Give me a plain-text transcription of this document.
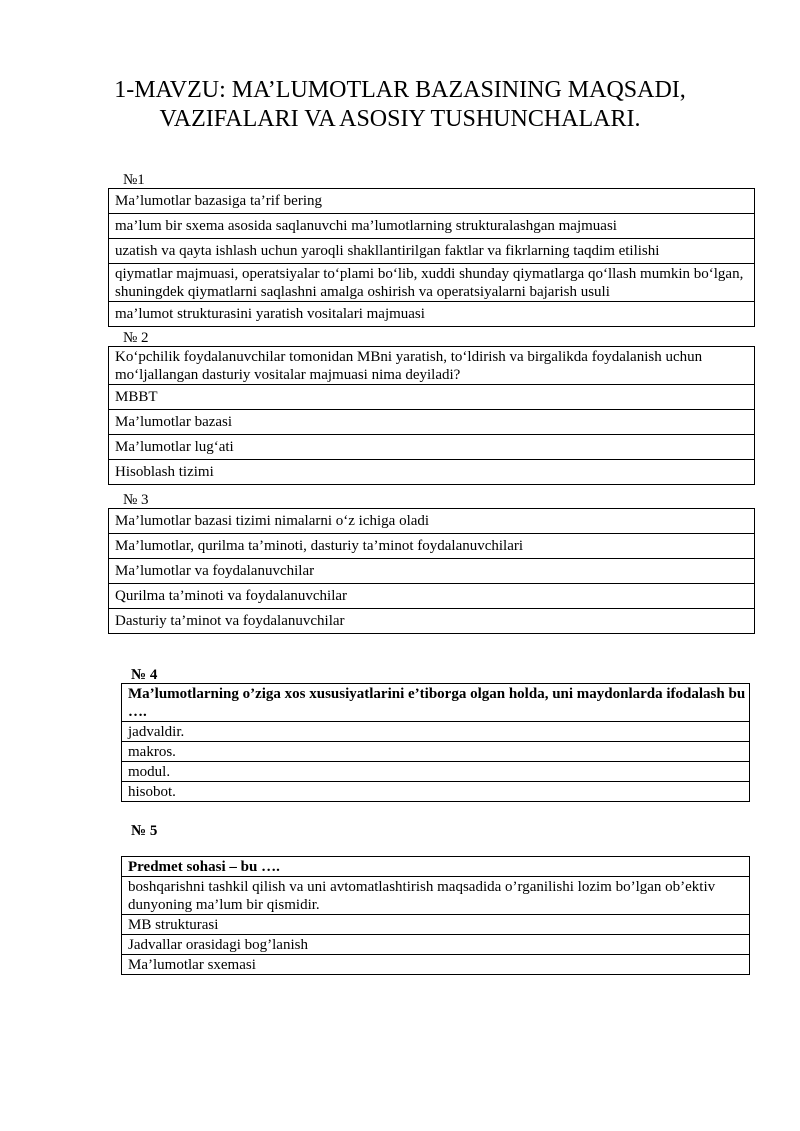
1-MAVZU: MA’LUMOTLAR BAZASINING MAQSADI,
VAZIFALARI VA ASOSIY TUSHUNCHALARI.
№1
Ma’lumotlar bazasiga ta’rif bering
ma’lum bir sxema asosida saqlanuvchi ma’lumotlarning strukturalashgan majmuasi
uzatish va qayta ishlash uchun yaroqli shakllantirilgan faktlar va fikrlarning taqdim etilishi
qiymatlar majmuasi, operatsiyalar to‘plami bo‘lib, xuddi shunday qiymatlarga qo‘llash mumkin bo‘lgan, shuningdek qiymatlarni saqlashni amalga oshirish va operatsiyalarni bajarish usuli
ma’lumot strukturasini yaratish vositalari majmuasi
№ 2
Ko‘pchilik foydalanuvchilar tomonidan MBni yaratish, to‘ldirish va birgalikda foydalanish uchun mo‘ljallangan dasturiy vositalar majmuasi nima deyiladi?
MBBT
Ma’lumotlar bazasi
Ma’lumotlar lug‘ati
Hisoblash tizimi
№ 3
Ma’lumotlar bazasi tizimi nimalarni o‘z ichiga oladi
Ma’lumotlar, qurilma ta’minoti, dasturiy ta’minot foydalanuvchilari
Ma’lumotlar va foydalanuvchilar
Qurilma ta’minoti va foydalanuvchilar
Dasturiy ta’minot va foydalanuvchilar
№ 4
Ma’lumotlarning o’ziga xos xususiyatlarini e’tiborga olgan holda, uni maydonlarda ifodalash bu ….
jadvaldir.
makros.
modul.
hisobot.
№ 5
Predmet sohasi – bu ….
boshqarishni tashkil qilish va uni avtomatlashtirish maqsadida o’rganilishi lozim bo’lgan ob’ektiv dunyoning ma’lum bir qismidir.
MB strukturasi
Jadvallar orasidagi bog’lanish
Ma’lumotlar sxemasi
